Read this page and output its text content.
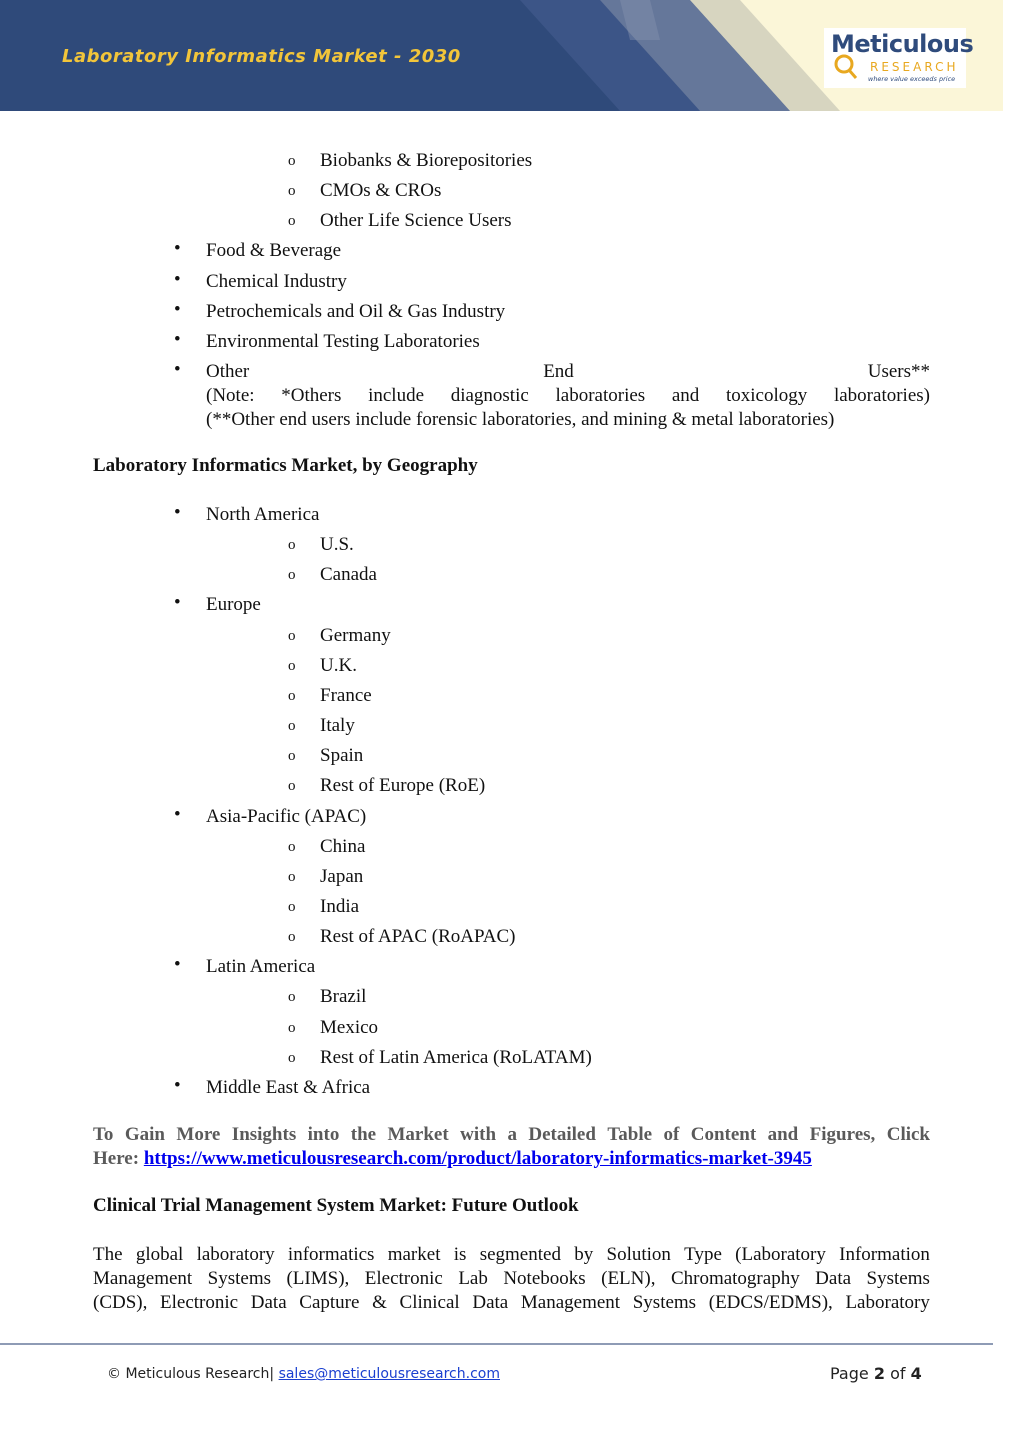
Laboratory Informatics Market - 2030	Meticulous
RESEARCH
where value exceeds price
• Other	End	Users**
(Note: *Others include diagnostic laboratories and toxicology laboratories)
(**Other end users include forensic laboratories, and mining & metal laboratories)
Laboratory Informatics Market, by Geography
To Gain More Insights into the Market with a Detailed Table of Content and Figures, Click
Here: https://www.meticulousresearch.com/product/laboratory-informatics-market-3945
Clinical Trial Management System Market: Future Outlook
The global laboratory informatics market is segmented by Solution Type (Laboratory Information
Management Systems (LIMS), Electronic Lab Notebooks (ELN), Chromatography Data Systems
(CDS), Electronic Data Capture & Clinical Data Management Systems (EDCS/EDMS), Laboratory
o Biobanks & Biorepositories
o CMOs & CROs
o Other Life Science Users
• Food & Beverage
• Chemical Industry
• Petrochemicals and Oil & Gas Industry
• Environmental Testing Laboratories
• North America
o U.S.
o Canada
• Europe
o Germany
o U.K.
o France
o Italy
o Spain
o Rest of Europe (RoE)
• Asia-Pacific (APAC)
o China
o Japan
o India
o Rest of APAC (RoAPAC)
• Latin America
o Brazil
o Mexico
o Rest of Latin America (RoLATAM)
• Middle East & Africa
© Meticulous Research| sales@meticulousresearch.com	Page 2 of 4
